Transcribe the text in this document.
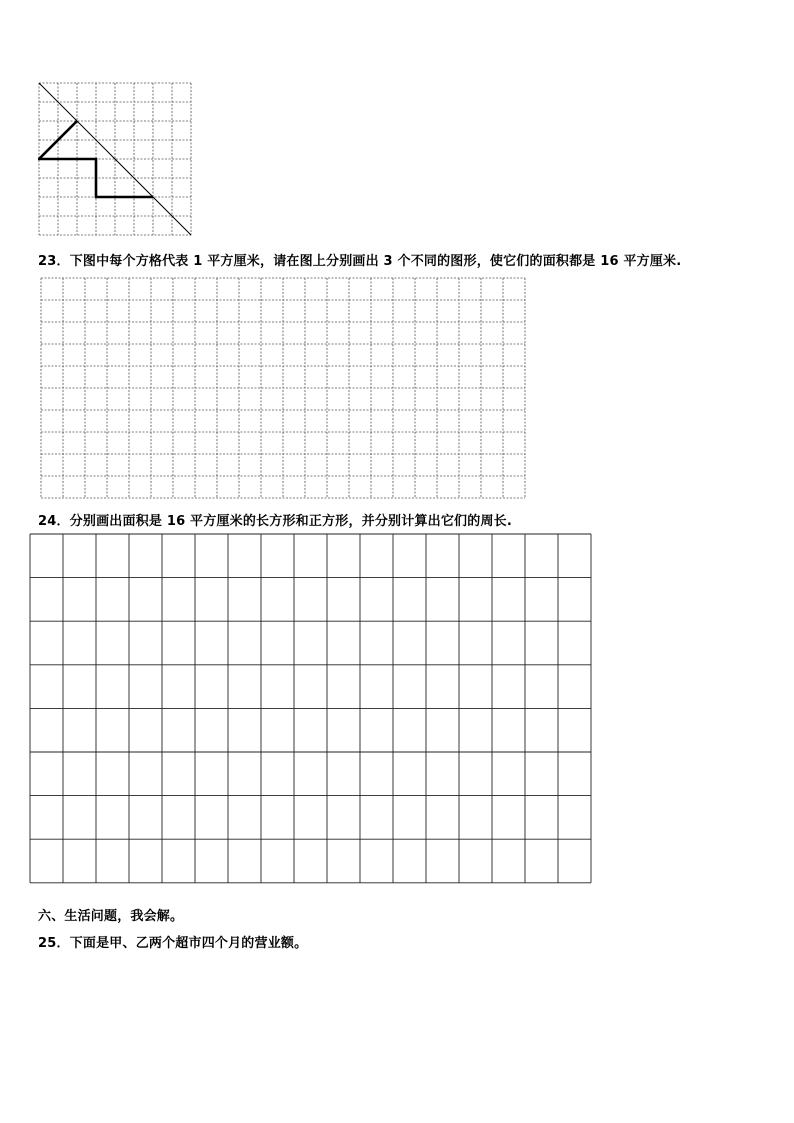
23．下图中每个方格代表 1 平方厘米，请在图上分别画出 3 个不同的图形，使它们的面积都是 16 平方厘米.
24．分别画出面积是 16 平方厘米的长方形和正方形，并分别计算出它们的周长.
六、生活问题，我会解。
25．下面是甲、乙两个超市四个月的营业额。
